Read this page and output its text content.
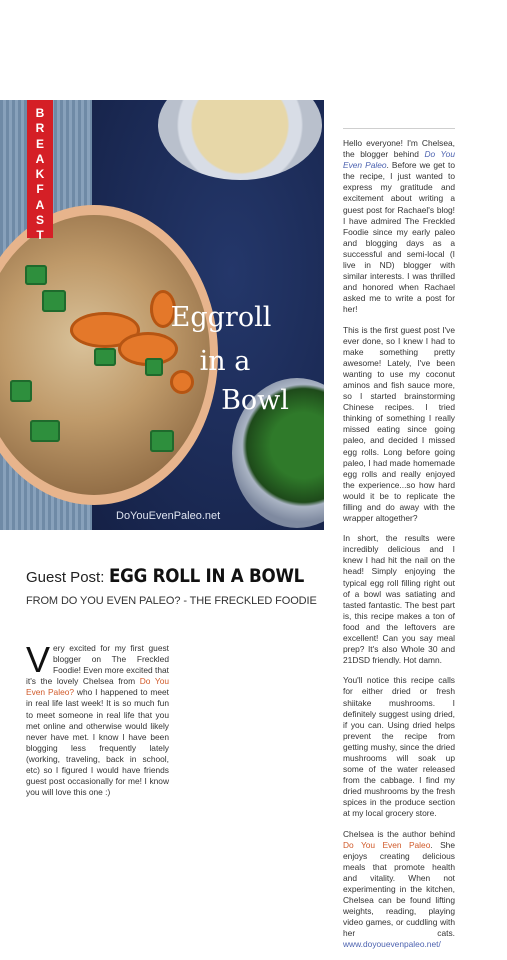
Eggroll
in a
Bowl
B
R
E
A
K
F
A
S
T
DoYouEvenPaleo.net
Guest Post: EGG ROLL IN A BOWL
FROM DO YOU EVEN PALEO? - THE FRECKLED FOODIE

Very excited for my first guest blogger on The Freckled Foodie! Even more excited that it's the lovely Chelsea from Do You Even Paleo? who I happened to meet in real life last week! It is so much fun to meet someone in real life that you met online and otherwise would likely never have met. I know I have been blogging less frequently lately (working, traveling, back in school, etc) so I figured I would have friends guest post occasionally for me! I know you will love this one :)

Hello everyone! I'm Chelsea, the blogger behind Do You Even Paleo. Before we get to the recipe, I just wanted to express my gratitude and excitement about writing a guest post for Rachael's blog! I have admired The Freckled Foodie since my early paleo and blogging days as a successful and semi-local (I live in ND) blogger with similar interests. I was thrilled and honored when Rachael asked me to write a post for her!

This is the first guest post I've ever done, so I knew I had to make something pretty awesome! Lately, I've been wanting to use my coconut aminos and fish sauce more, so I started brainstorming Chinese recipes. I tried thinking of something I really missed eating since going paleo, and decided I missed egg rolls. Long before going paleo, I had made homemade egg rolls and really enjoyed the experience...so how hard would it be to replicate the filling and do away with the wrapper altogether?

In short, the results were incredibly delicious and I knew I had hit the nail on the head! Simply enjoying the typical egg roll filling right out of a bowl was satiating and tasted fantastic. The best part is, this recipe makes a ton of food and the leftovers are excellent! Can you say meal prep? It's also Whole 30 and 21DSD friendly. Hot damn.

You'll notice this recipe calls for either dried or fresh shiitake mushrooms. I definitely suggest using dried, if you can. Using dried helps prevent the recipe from getting mushy, since the dried mushrooms will soak up some of the water released from the cabbage. I find my dried mushrooms by the fresh spices in the produce section at my local grocery store.

Chelsea is the author behind Do You Even Paleo. She enjoys creating delicious meals that promote health and vitality. When not experimenting in the kitchen, Chelsea can be found lifting weights, reading, playing video games, or cuddling with her cats. www.doyouevenpaleo.net/
